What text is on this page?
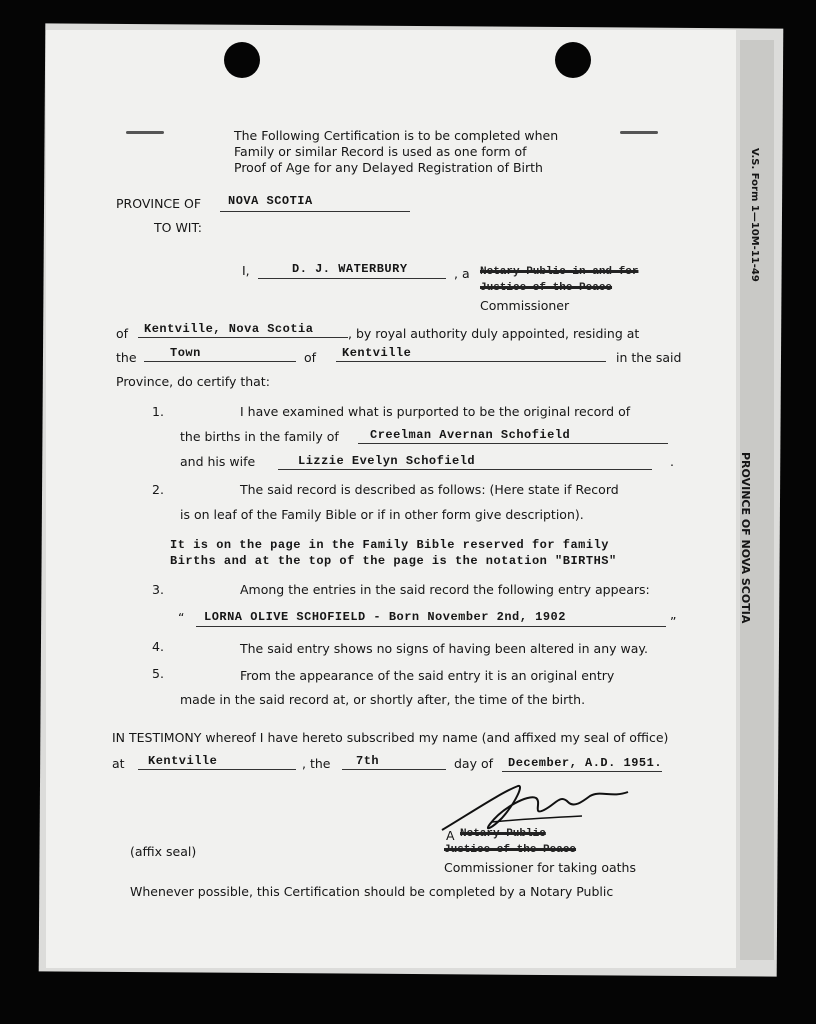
V.S. Form 1—10M-11-49
PROVINCE OF NOVA SCOTIA
The Following Certification is to be completed when
Family or similar Record is used as one form of
Proof of Age for any Delayed Registration of Birth
PROVINCE OF NOVA SCOTIA
TO WIT:
I,	D. J. WATERBURY	, a Notary Public in and for
Justice of the Peace
Commissioner
of Kentville, Nova Scotia	, by royal authority duly appointed, residing at
the	Town	of Kentville	in the said
Province, do certify that:
1.	I have examined what is purported to be the original record of
the births in the family of	Creelman Avernan Schofield
and his wife	Lizzie Evelyn Schofield	.
2.	The said record is described as follows: (Here state if Record
is on leaf of the Family Bible or if in other form give description).
It is on the page in the Family Bible reserved for family
Births and at the top of the page is the notation "BIRTHS"
3.	Among the entries in the said record the following entry appears:
“ LORNA OLIVE SCHOFIELD - Born November 2nd, 1902	”
4.	The said entry shows no signs of having been altered in any way.
5.	From the appearance of the said entry it is an original entry
made in the said record at, or shortly after, the time of the birth.
IN TESTIMONY whereof I have hereto subscribed my name (and affixed my seal of office)
at Kentville	, the 7th	day of December, A.D. 1951.
A Notary Public
Justice of the Peace
Commissioner for taking oaths
(affix seal)
Whenever possible, this Certification should be completed by a Notary Public
